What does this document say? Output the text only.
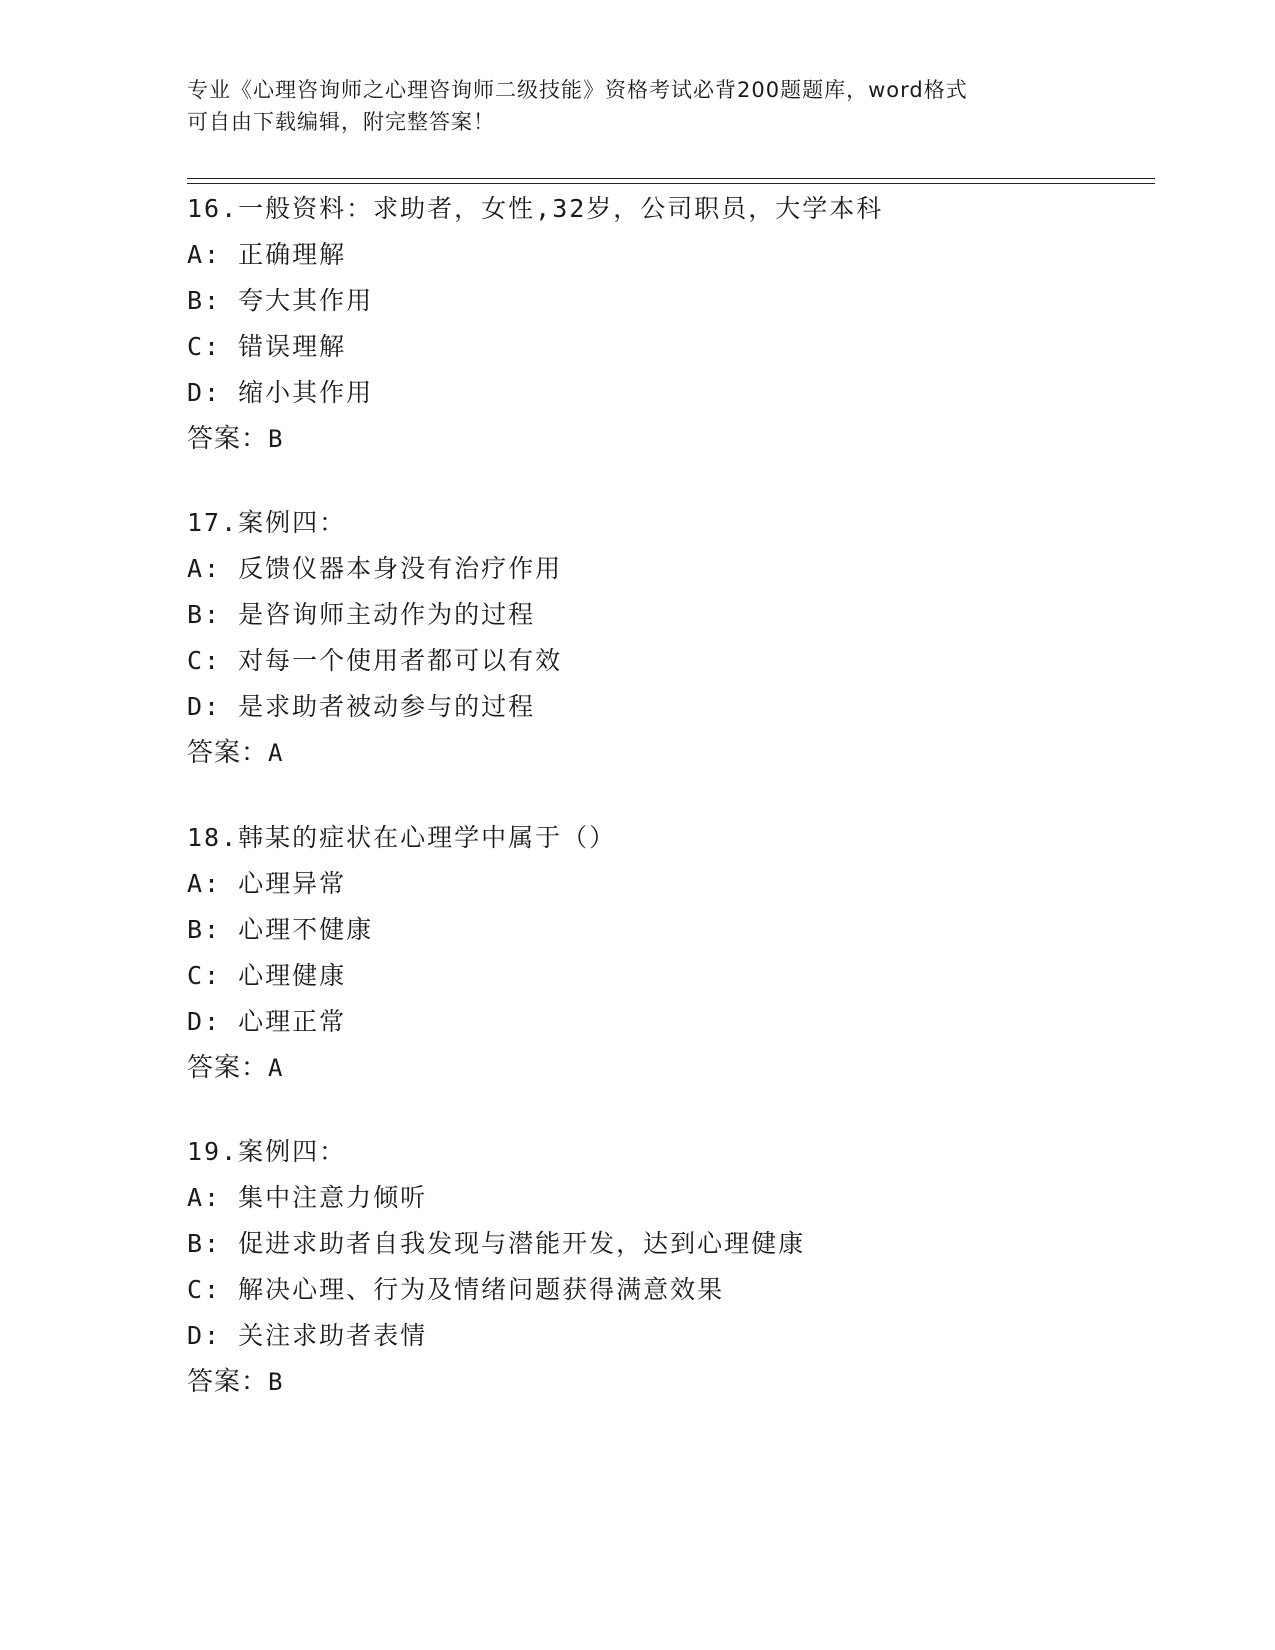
专业《心理咨询师之心理咨询师二级技能》资格考试必背200题题库，word格式
可自由下载编辑，附完整答案！
16.一般资料：求助者，女性,32岁，公司职员，大学本科
A: 正确理解
B: 夸大其作用
C: 错误理解
D: 缩小其作用
答案：B
17.案例四：
A: 反馈仪器本身没有治疗作用
B: 是咨询师主动作为的过程
C: 对每一个使用者都可以有效
D: 是求助者被动参与的过程
答案：A
18.韩某的症状在心理学中属于（）
A: 心理异常
B: 心理不健康
C: 心理健康
D: 心理正常
答案：A
19.案例四：
A: 集中注意力倾听
B: 促进求助者自我发现与潜能开发，达到心理健康
C: 解决心理、行为及情绪问题获得满意效果
D: 关注求助者表情
答案：B
